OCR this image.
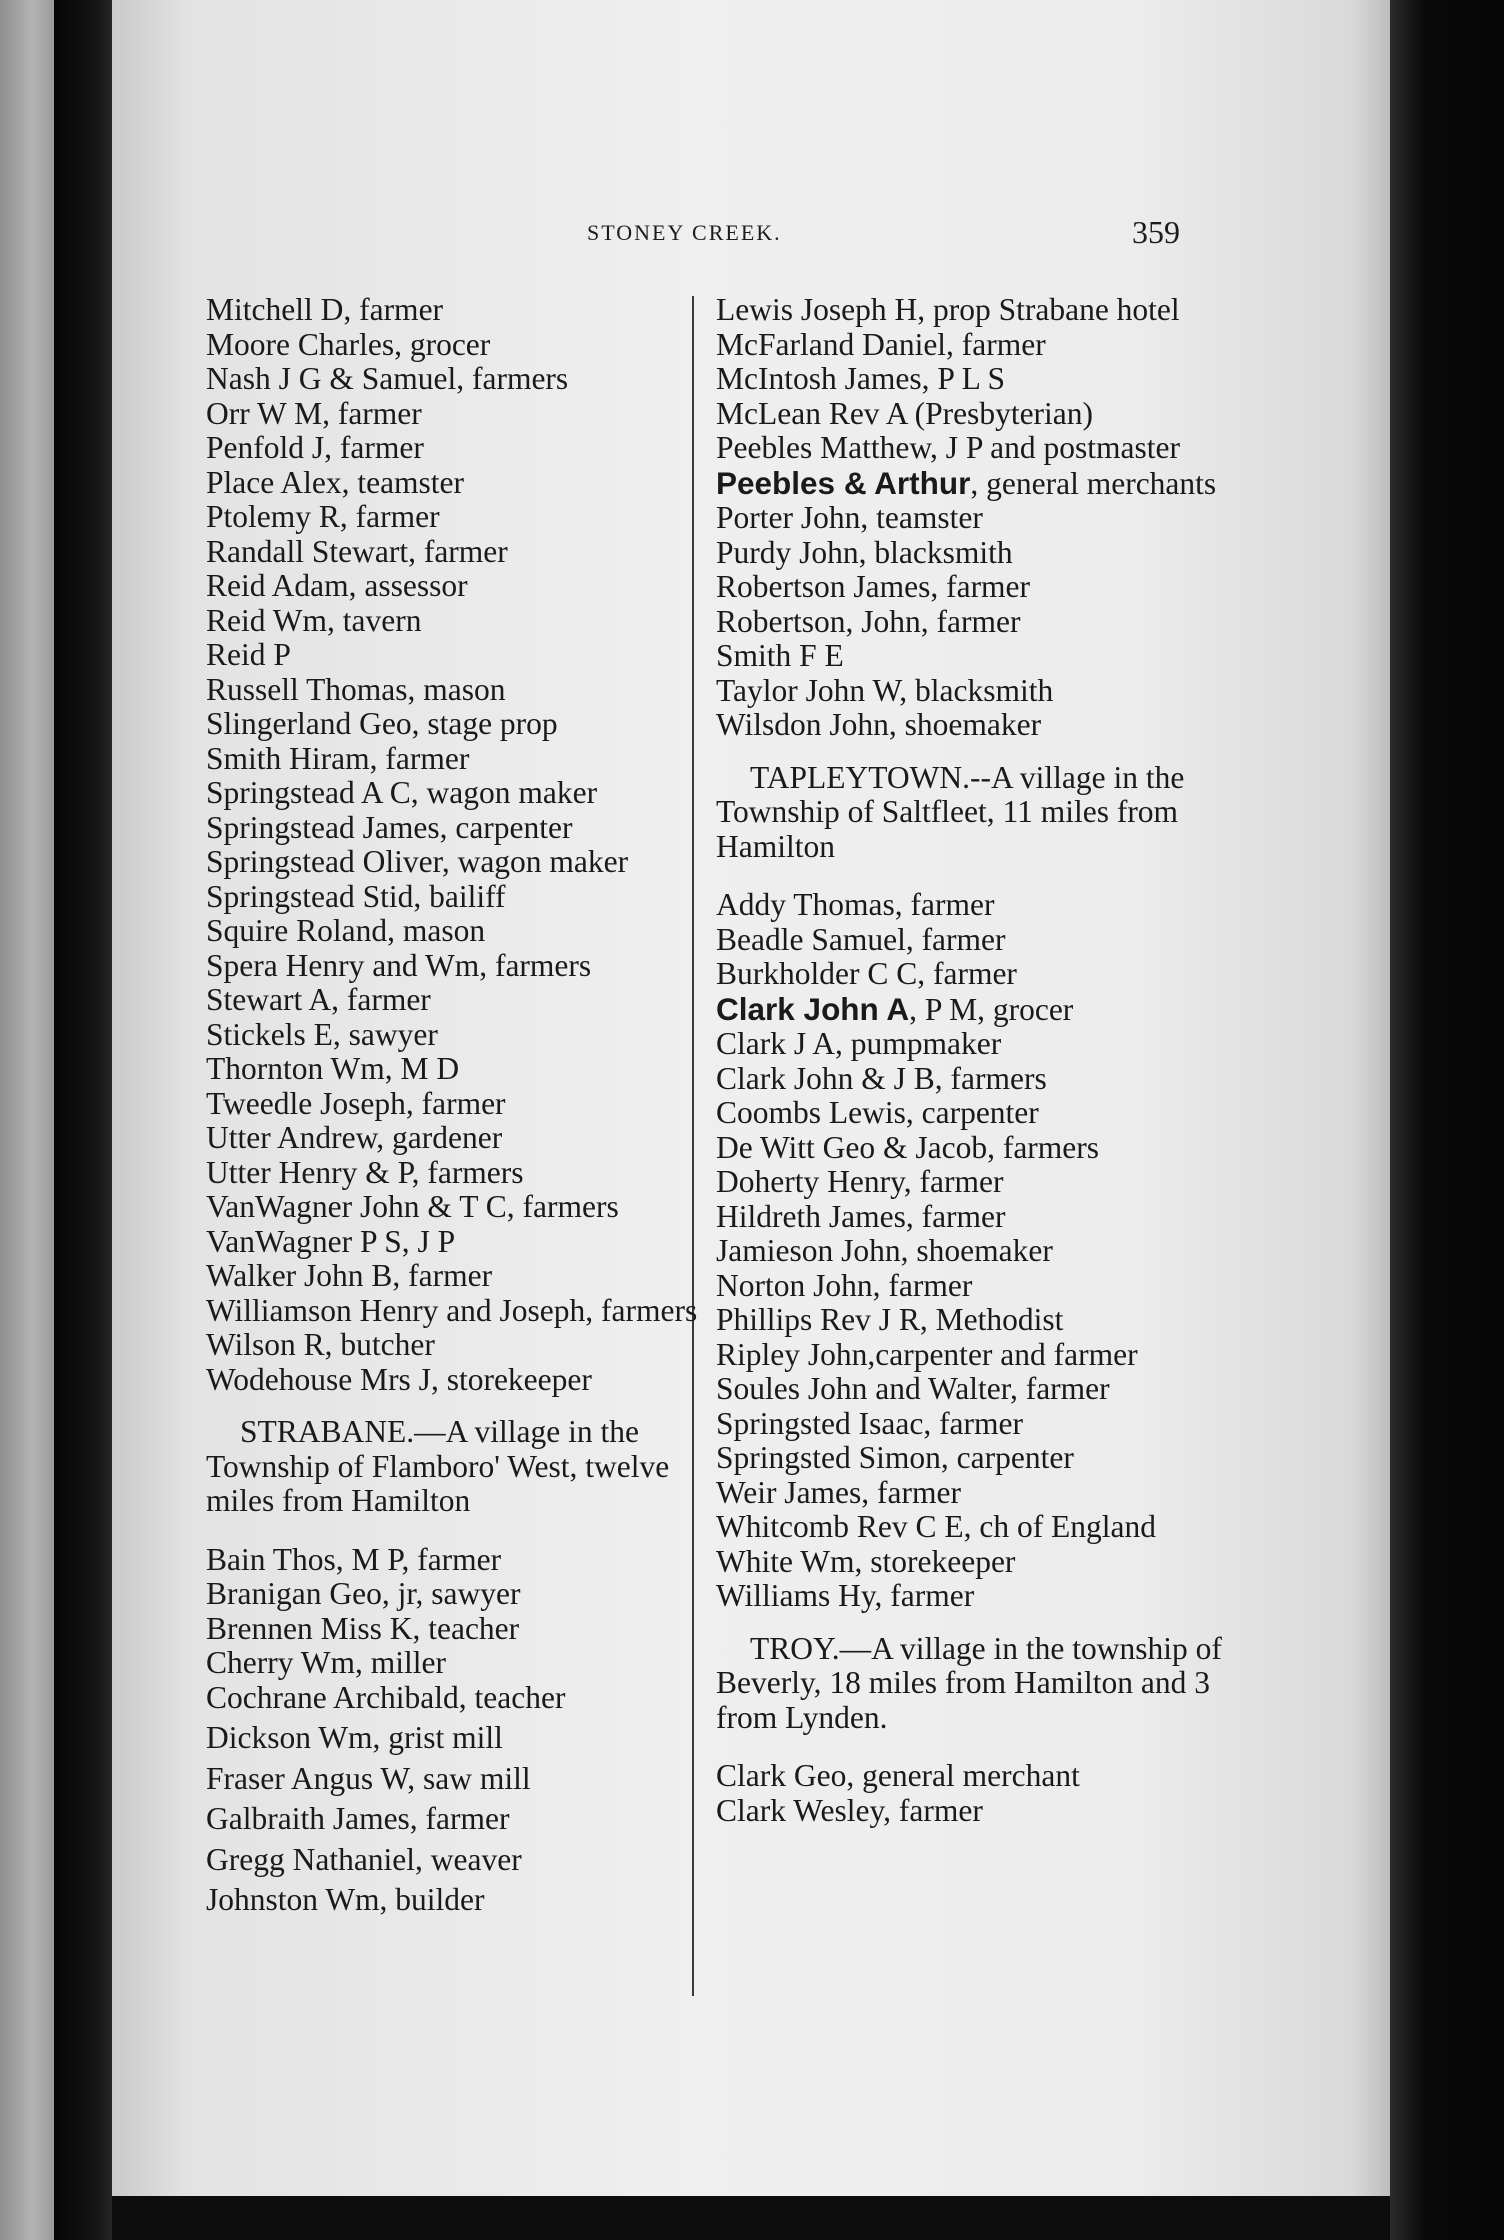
STONEY CREEK.	359
Mitchell D, farmer
Moore Charles, grocer
Nash J G & Samuel, farmers
Orr W M, farmer
Penfold J, farmer
Place Alex, teamster
Ptolemy R, farmer
Randall Stewart, farmer
Reid Adam, assessor
Reid Wm, tavern
Reid P
Russell Thomas, mason
Slingerland Geo, stage prop
Smith Hiram, farmer
Springstead A C, wagon maker
Springstead James, carpenter
Springstead Oliver, wagon maker
Springstead Stid, bailiff
Squire Roland, mason
Spera Henry and Wm, farmers
Stewart A, farmer
Stickels E, sawyer
Thornton Wm, M D
Tweedle Joseph, farmer
Utter Andrew, gardener
Utter Henry & P, farmers
VanWagner John & T C, farmers
VanWagner P S, J P
Walker John B, farmer
Williamson Henry and Joseph, farmers
Wilson R, butcher
Wodehouse Mrs J, storekeeper
STRABANE.—A village in the Township of Flamboro' West, twelve miles from Hamilton
Bain Thos, M P, farmer
Branigan Geo, jr, sawyer
Brennen Miss K, teacher
Cherry Wm, miller
Cochrane Archibald, teacher
Dickson Wm, grist mill
Fraser Angus W, saw mill
Galbraith James, farmer
Gregg Nathaniel, weaver
Johnston Wm, builder
Lewis Joseph H, prop Strabane hotel
McFarland Daniel, farmer
McIntosh James, P L S
McLean Rev A (Presbyterian)
Peebles Matthew, J P and postmaster
Peebles & Arthur, general merchants
Porter John, teamster
Purdy John, blacksmith
Robertson James, farmer
Robertson, John, farmer
Smith F E
Taylor John W, blacksmith
Wilsdon John, shoemaker
TAPLEYTOWN.--A village in the Township of Saltfleet, 11 miles from Hamilton
Addy Thomas, farmer
Beadle Samuel, farmer
Burkholder C C, farmer
Clark John A, P M, grocer
Clark J A, pumpmaker
Clark John & J B, farmers
Coombs Lewis, carpenter
De Witt Geo & Jacob, farmers
Doherty Henry, farmer
Hildreth James, farmer
Jamieson John, shoemaker
Norton John, farmer
Phillips Rev J R, Methodist
Ripley John,carpenter and farmer
Soules John and Walter, farmer
Springsted Isaac, farmer
Springsted Simon, carpenter
Weir James, farmer
Whitcomb Rev C E, ch of England
White Wm, storekeeper
Williams Hy, farmer
TROY.—A village in the township of Beverly, 18 miles from Hamilton and 3 from Lynden.
Clark Geo, general merchant
Clark Wesley, farmer
